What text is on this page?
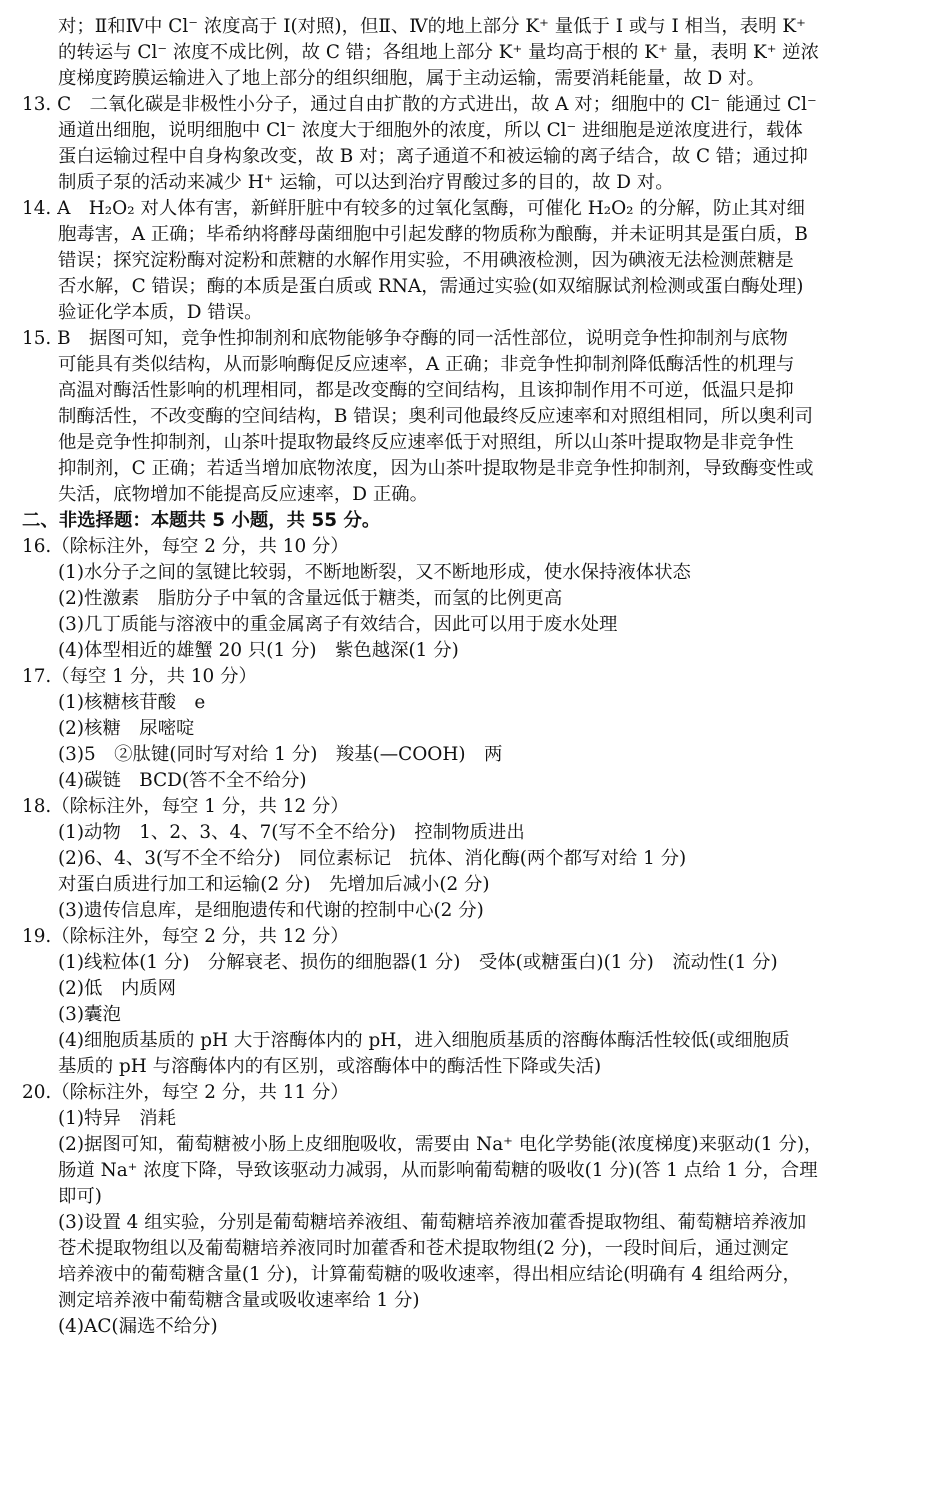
对；Ⅱ和Ⅳ中 Cl⁻ 浓度高于 I(对照)，但Ⅱ、Ⅳ的地上部分 K⁺ 量低于 I 或与 I 相当，表明 K⁺
的转运与 Cl⁻ 浓度不成比例，故 C 错；各组地上部分 K⁺ 量均高于根的 K⁺ 量，表明 K⁺ 逆浓
度梯度跨膜运输进入了地上部分的组织细胞，属于主动运输，需要消耗能量，故 D 对。
13. C　二氧化碳是非极性小分子，通过自由扩散的方式进出，故 A 对；细胞中的 Cl⁻ 能通过 Cl⁻
通道出细胞，说明细胞中 Cl⁻ 浓度大于细胞外的浓度，所以 Cl⁻ 进细胞是逆浓度进行，载体
蛋白运输过程中自身构象改变，故 B 对；离子通道不和被运输的离子结合，故 C 错；通过抑
制质子泵的活动来减少 H⁺ 运输，可以达到治疗胃酸过多的目的，故 D 对。
14. A　H₂O₂ 对人体有害，新鲜肝脏中有较多的过氧化氢酶，可催化 H₂O₂ 的分解，防止其对细
胞毒害，A 正确；毕希纳将酵母菌细胞中引起发酵的物质称为酿酶，并未证明其是蛋白质，B
错误；探究淀粉酶对淀粉和蔗糖的水解作用实验，不用碘液检测，因为碘液无法检测蔗糖是
否水解，C 错误；酶的本质是蛋白质或 RNA，需通过实验(如双缩脲试剂检测或蛋白酶处理)
验证化学本质，D 错误。
15. B　据图可知，竞争性抑制剂和底物能够争夺酶的同一活性部位，说明竞争性抑制剂与底物
可能具有类似结构，从而影响酶促反应速率，A 正确；非竞争性抑制剂降低酶活性的机理与
高温对酶活性影响的机理相同，都是改变酶的空间结构，且该抑制作用不可逆，低温只是抑
制酶活性，不改变酶的空间结构，B 错误；奥利司他最终反应速率和对照组相同，所以奥利司
他是竞争性抑制剂，山茶叶提取物最终反应速率低于对照组，所以山茶叶提取物是非竞争性
抑制剂，C 正确；若适当增加底物浓度，因为山茶叶提取物是非竞争性抑制剂，导致酶变性或
失活，底物增加不能提高反应速率，D 正确。
二、非选择题：本题共 5 小题，共 55 分。
16.（除标注外，每空 2 分，共 10 分）
(1)水分子之间的氢键比较弱，不断地断裂，又不断地形成，使水保持液体状态
(2)性激素　脂肪分子中氧的含量远低于糖类，而氢的比例更高
(3)几丁质能与溶液中的重金属离子有效结合，因此可以用于废水处理
(4)体型相近的雄蟹 20 只(1 分)　紫色越深(1 分)
17.（每空 1 分，共 10 分）
(1)核糖核苷酸　e
(2)核糖　尿嘧啶
(3)5　②肽键(同时写对给 1 分)　羧基(—COOH)　两
(4)碳链　BCD(答不全不给分)
18.（除标注外，每空 1 分，共 12 分）
(1)动物　1、2、3、4、7(写不全不给分)　控制物质进出
(2)6、4、3(写不全不给分)　同位素标记　抗体、消化酶(两个都写对给 1 分)
对蛋白质进行加工和运输(2 分)　先增加后减小(2 分)
(3)遗传信息库，是细胞遗传和代谢的控制中心(2 分)
19.（除标注外，每空 2 分，共 12 分）
(1)线粒体(1 分)　分解衰老、损伤的细胞器(1 分)　受体(或糖蛋白)(1 分)　流动性(1 分)
(2)低　内质网
(3)囊泡
(4)细胞质基质的 pH 大于溶酶体内的 pH，进入细胞质基质的溶酶体酶活性较低(或细胞质
基质的 pH 与溶酶体内的有区别，或溶酶体中的酶活性下降或失活)
20.（除标注外，每空 2 分，共 11 分）
(1)特异　消耗
(2)据图可知，葡萄糖被小肠上皮细胞吸收，需要由 Na⁺ 电化学势能(浓度梯度)来驱动(1 分)，
肠道 Na⁺ 浓度下降，导致该驱动力减弱，从而影响葡萄糖的吸收(1 分)(答 1 点给 1 分，合理
即可)
(3)设置 4 组实验，分别是葡萄糖培养液组、葡萄糖培养液加藿香提取物组、葡萄糖培养液加
苍术提取物组以及葡萄糖培养液同时加藿香和苍术提取物组(2 分)，一段时间后，通过测定
培养液中的葡萄糖含量(1 分)，计算葡萄糖的吸收速率，得出相应结论(明确有 4 组给两分，
测定培养液中葡萄糖含量或吸收速率给 1 分)
(4)AC(漏选不给分)
